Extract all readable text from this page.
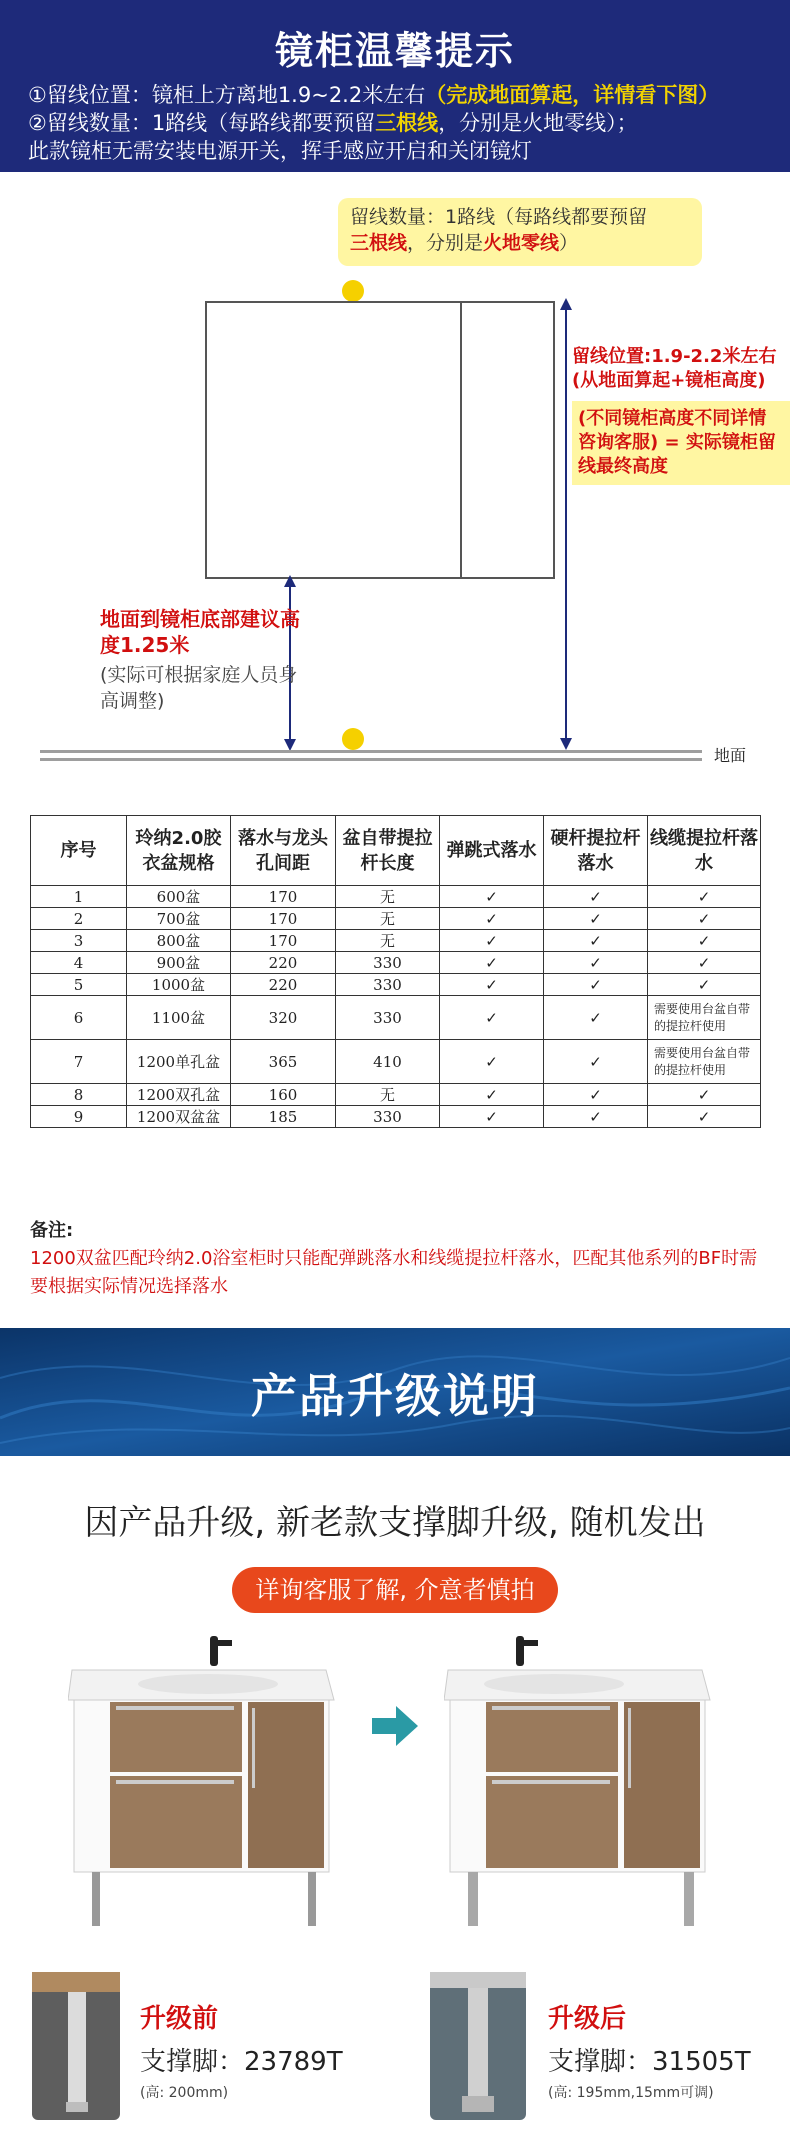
镜柜温馨提示
①留线位置：镜柜上方离地1.9~2.2米左右（完成地面算起，详情看下图）
②留线数量：1路线（每路线都要预留三根线，分别是火地零线）；
此款镜柜无需安装电源开关，挥手感应开启和关闭镜灯
留线数量：1路线（每路线都要预留
三根线，分别是火地零线）
留线位置:1.9-2.2米左右
(从地面算起+镜柜高度)
(不同镜柜高度不同详情咨询客服) = 实际镜柜留线最终高度
地面到镜柜底部建议高度1.25米
(实际可根据家庭人员身高调整)
地面
序号	玲纳2.0胶衣盆规格	落水与龙头孔间距	盆自带提拉杆长度	弹跳式落水	硬杆提拉杆落水	线缆提拉杆落水
1	600盆	170	无	✓	✓	✓
2	700盆	170	无	✓	✓	✓
3	800盆	170	无	✓	✓	✓
4	900盆	220	330	✓	✓	✓
5	1000盆	220	330	✓	✓	✓
6	1100盆	320	330	✓	✓	需要使用台盆自带的提拉杆使用
7	1200单孔盆	365	410	✓	✓	需要使用台盆自带的提拉杆使用
8	1200双孔盆	160	无	✓	✓	✓
9	1200双盆盆	185	330	✓	✓	✓
备注:
1200双盆匹配玲纳2.0浴室柜时只能配弹跳落水和线缆提拉杆落水，匹配其他系列的BF时需要根据实际情况选择落水
产品升级说明
因产品升级, 新老款支撑脚升级, 随机发出
详询客服了解, 介意者慎拍
升级前
支撑脚：23789T
(高: 200mm)
升级后
支撑脚：31505T
(高: 195mm,15mm可调)
